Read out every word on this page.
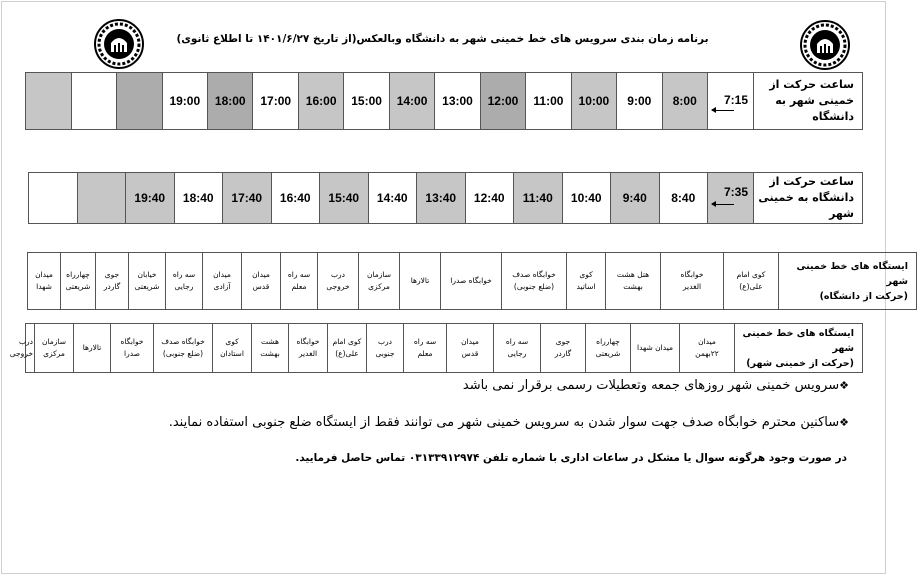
برنامه زمان بندی سرویس های خط خمینی شهر به دانشگاه وبالعکس(از تاریخ ۱۴۰۱/۶/۲۷ تا اطلاع ثانوی)
ساعت حرکت از خمینی شهر به دانشگاه	
7:15
	8:00	9:00	10:00	11:00	12:00	13:00	14:00	15:00	16:00	17:00	18:00	19:00			
ساعت حرکت از دانشگاه به خمینی شهر	
7:35
	8:40	9:40	10:40	11:40	12:40	13:40	14:40	15:40	16:40	17:40	18:40	19:40		
ایستگاه های خط خمینی شهر
(حرکت از دانشگاه)

کوی امام
علی(ع)

خوابگاه
الغدیر

هتل هشت
بهشت

کوی
اساتید

خوابگاه صدف
(ضلع جنوبی)

خوابگاه صدرا

تالارها

سازمان
مرکزی

درب
خروجی

سه راه
معلم

میدان
قدس

میدان
آزادی

سه راه
رجایی

خیابان
شریعتی

جوی
گاردر

چهارراه
شریعتی

میدان
شهدا

ایستگاه های خط خمینی شهر
(حرکت از خمینی شهر)

میدان
۲۲بهمن

میدان شهدا

چهارراه
شریعتی

جوی
گاردر

سه راه
رجایی

میدان
قدس

سه راه
معلم

درب
جنوبی

کوی امام
علی(ع)

خوابگاه
الغدیر

هشت
بهشت

کوی
استادان

خوابگاه صدف
(ضلع جنوبی)

خوابگاه
صدرا

تالارها

سازمان
مرکزی

درب
خروجی
❖سرویس خمینی شهر روزهای جمعه وتعطیلات رسمی برقرار نمی باشد
❖ساکنین محترم خوابگاه صدف جهت سوار شدن به سرویس خمینی شهر می توانند فقط از ایستگاه ضلع جنوبی استفاده نمایند.
در صورت وجود هرگونه سوال یا مشکل در ساعات اداری با شماره تلفن ۰۳۱۳۳۹۱۲۹۷۴ تماس حاصل فرمایید.
